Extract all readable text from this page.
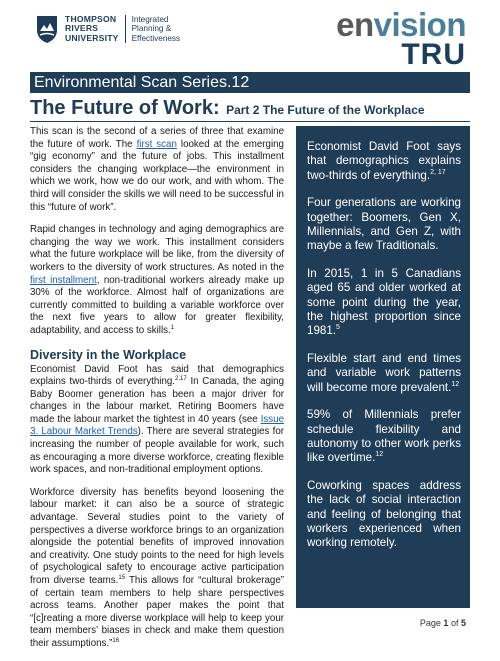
THOMPSON
RIVERS
UNIVERSITY
Integrated
Planning &
Effectiveness	envision
TRU
Environmental Scan Series.12
The Future of Work: Part 2 The Future of the Workplace

This scan is the second of a series of three that examine the future of work. The first scan looked at the emerging “gig economy” and the future of jobs. This installment considers the changing workplace—the environment in which we work, how we do our work, and with whom. The third will consider the skills we will need to be successful in this “future of work”.

Rapid changes in technology and aging demographics are changing the way we work. This installment considers what the future workplace will be like, from the diversity of workers to the diversity of work structures. As noted in the first installment, non-traditional workers already make up 30% of the workforce. Almost half of organizations are currently committed to building a variable workforce over the next five years to allow for greater flexibility, adaptability, and access to skills.$^1$

Diversity in the Workplace

Economist David Foot has said that demographics explains two-thirds of everything.$^{2,17}$ In Canada, the aging Baby Boomer generation has been a major driver for changes in the labour market. Retiring Boomers have made the labour market the tightest in 40 years (see Issue 3. Labour Market Trends). There are several strategies for increasing the number of people available for work, such as encouraging a more diverse workforce, creating flexible work spaces, and non-traditional employment options.

Workforce diversity has benefits beyond loosening the labour market: it can also be a source of strategic advantage. Several studies point to the variety of perspectives a diverse workforce brings to an organization alongside the potential benefits of improved innovation and creativity. One study points to the need for high levels of psychological safety to encourage active participation from diverse teams.$^{15}$ This allows for “cultural brokerage” of certain team members to help share perspectives across teams. Another paper makes the point that “[c]reating a more diverse workplace will help to keep your team members’ biases in check and make them question their assumptions.”$^{16}$

Economist David Foot says that demographics explains two-thirds of everything.$^{2, 17}$

Four generations are working together: Boomers, Gen X, Millennials, and Gen Z, with maybe a few Traditionals.

In 2015, 1 in 5 Canadians aged 65 and older worked at some point during the year, the highest proportion since 1981.$^5$

Flexible start and end times and variable work patterns will become more prevalent.$^{12}$

59% of Millennials prefer schedule flexibility and autonomy to other work perks like overtime.$^{12}$

Coworking spaces address the lack of social interaction and feeling of belonging that workers experienced when working remotely.

Page 1 of 5
